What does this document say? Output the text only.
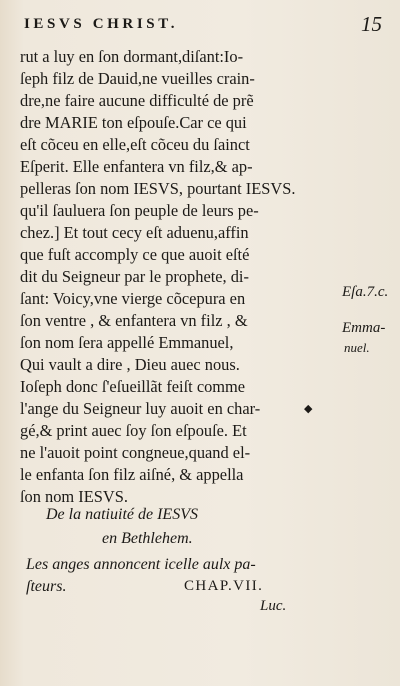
IESVS CHRIST.	15
rut a luy en ſon dormant,diſant:Io-
ſeph filz de Dauid,ne vueilles crain-
dre,ne faire aucune difficulté de prẽ
dre MARIE ton eſpouſe.Car ce qui
eſt cõceu en elle,eſt cõceu du ſainct
Eſperit. Elle enfantera vn filz,& ap-
pelleras ſon nom IESVS, pourtant IESVS.
qu'il ſauluera ſon peuple de leurs pe-
chez.] Et tout cecy eſt aduenu,affin
que fuſt accomply ce que auoit eſté
dit du Seigneur par le prophete, di-
ſant: Voicy,vne vierge cõcepura en
ſon ventre , & enfantera vn filz , &
ſon nom ſera appellé Emmanuel,
Qui vault a dire , Dieu auec nous.
Ioſeph donc ſ'eſueillãt feiſt comme
l'ange du Seigneur luy auoit en char-
gé,& print auec ſoy ſon eſpouſe. Et
ne l'auoit point congneue,quand el-
le enfanta ſon filz aiſné, & appella
ſon nom IESVS.
◆
Eſa.7.c.
Emma-
nuel.
Luc.
De la natiuité de IESVS
en Bethlehem.
Les anges annoncent icelle aulx pa-
ſteurs.	CHAP.VII.
